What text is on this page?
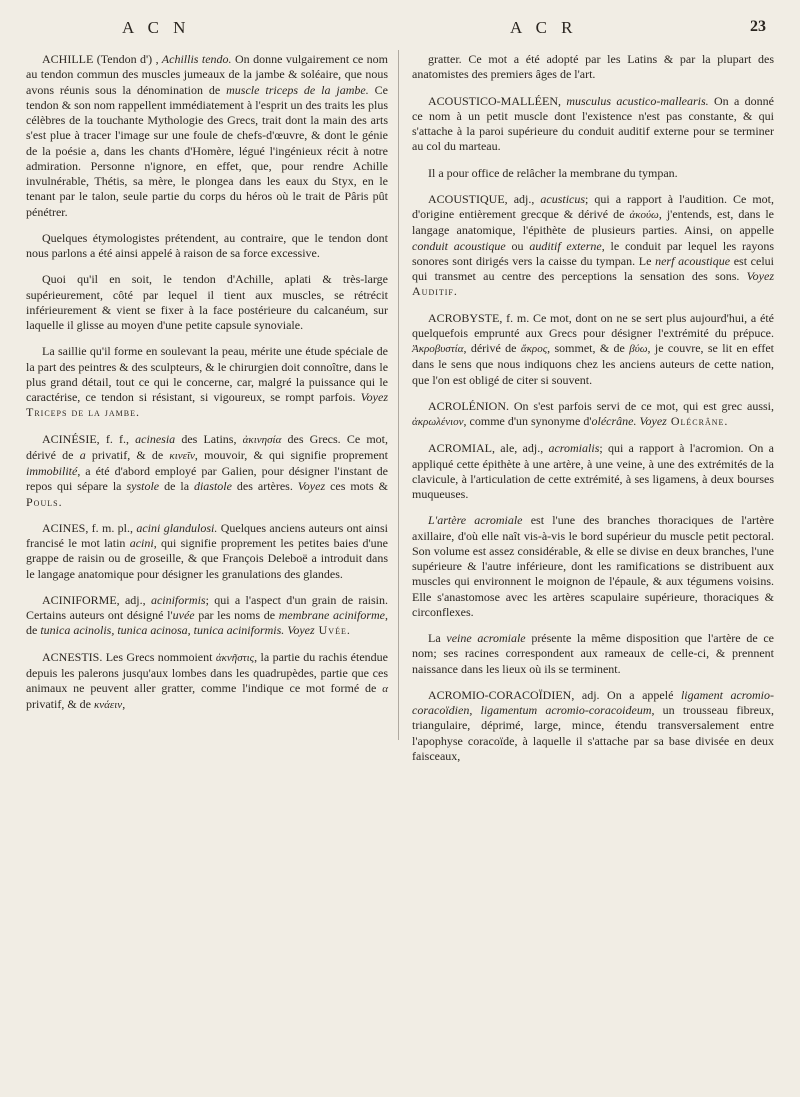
A C N	A C R	23

ACHILLE (Tendon d') , Achillis tendo. On donne vulgairement ce nom au tendon commun des muscles jumeaux de la jambe & soléaire, que nous avons réunis sous la dénomination de muscle triceps de la jambe. Ce tendon & son nom rappellent immédiatement à l'esprit un des traits les plus célèbres de la touchante Mythologie des Grecs, trait dont la main des arts s'est plue à tracer l'image sur une foule de chefs-d'œuvre, & dont le génie de la poésie a, dans les chants d'Homère, légué l'ingénieux récit à notre admiration. Personne n'ignore, en effet, que, pour rendre Achille invulnérable, Thétis, sa mère, le plongea dans les eaux du Styx, en le tenant par le talon, seule partie du corps du héros où le trait de Pâris pût pénétrer.

Quelques étymologistes prétendent, au contraire, que le tendon dont nous parlons a été ainsi appelé à raison de sa force excessive.

Quoi qu'il en soit, le tendon d'Achille, aplati & très-large supérieurement, côté par lequel il tient aux muscles, se rétrécit inférieurement & vient se fixer à la face postérieure du calcanéum, sur laquelle il glisse au moyen d'une petite capsule synoviale.

La saillie qu'il forme en soulevant la peau, mérite une étude spéciale de la part des peintres & des sculpteurs, & le chirurgien doit connoître, dans le plus grand détail, tout ce qui le concerne, car, malgré la puissance qui le caractérise, ce tendon si résistant, si vigoureux, se rompt parfois. Voyez Triceps de la jambe.

ACINÉSIE, f. f., acinesia des Latins, ἀκινησία des Grecs. Ce mot, dérivé de a privatif, & de κινεῖν, mouvoir, & qui signifie proprement immobilité, a été d'abord employé par Galien, pour désigner l'instant de repos qui sépare la systole de la diastole des artères. Voyez ces mots & Pouls.

ACINES, f. m. pl., acini glandulosi. Quelques anciens auteurs ont ainsi francisé le mot latin acini, qui signifie proprement les petites baies d'une grappe de raisin ou de groseille, & que François Deleboë a introduit dans le langage anatomique pour désigner les granulations des glandes.

ACINIFORME, adj., aciniformis; qui a l'aspect d'un grain de raisin. Certains auteurs ont désigné l'uvée par les noms de membrane aciniforme, de tunica acinolis, tunica acinosa, tunica aciniformis. Voyez Uvée.

ACNESTIS. Les Grecs nommoient ἀκνῆστις, la partie du rachis étendue depuis les palerons jusqu'aux lombes dans les quadrupèdes, partie que ces animaux ne peuvent aller gratter, comme l'indique ce mot formé de α privatif, & de κνάειν,

gratter. Ce mot a été adopté par les Latins & par la plupart des anatomistes des premiers âges de l'art.

ACOUSTICO-MALLÉEN, musculus acustico-mallearis. On a donné ce nom à un petit muscle dont l'existence n'est pas constante, & qui s'attache à la paroi supérieure du conduit auditif externe pour se terminer au col du marteau.

Il a pour office de relâcher la membrane du tympan.

ACOUSTIQUE, adj., acusticus; qui a rapport à l'audition. Ce mot, d'origine entièrement grecque & dérivé de ἀκούω, j'entends, est, dans le langage anatomique, l'épithète de plusieurs parties. Ainsi, on appelle conduit acoustique ou auditif externe, le conduit par lequel les rayons sonores sont dirigés vers la caisse du tympan. Le nerf acoustique est celui qui transmet au centre des perceptions la sensation des sons. Voyez Auditif.

ACROBYSTE, f. m. Ce mot, dont on ne se sert plus aujourd'hui, a été quelquefois emprunté aux Grecs pour désigner l'extrémité du prépuce. Ἀκροβυστία, dérivé de ἄκρος, sommet, & de βύω, je couvre, se lit en effet dans le sens que nous indiquons chez les anciens auteurs de cette nation, que l'on est obligé de citer si souvent.

ACROLÉNION. On s'est parfois servi de ce mot, qui est grec aussi, ἀκρωλένιον, comme d'un synonyme d'olécrâne. Voyez Olécrâne.

ACROMIAL, ale, adj., acromialis; qui a rapport à l'acromion. On a appliqué cette épithète à une artère, à une veine, à une des extrémités de la clavicule, à l'articulation de cette extrémité, à ses ligamens, à deux bourses muqueuses.

L'artère acromiale est l'une des branches thoraciques de l'artère axillaire, d'où elle naît vis-à-vis le bord supérieur du muscle petit pectoral. Son volume est assez considérable, & elle se divise en deux branches, l'une supérieure & l'autre inférieure, dont les ramifications se distribuent aux muscles qui environnent le moignon de l'épaule, & aux tégumens voisins. Elle s'anastomose avec les artères scapulaire supérieure, thoraciques & circonflexes.

La veine acromiale présente la même disposition que l'artère de ce nom; ses racines correspondent aux rameaux de celle-ci, & prennent naissance dans les lieux où ils se terminent.

ACROMIO-CORACOÏDIEN, adj. On a appelé ligament acromio-coracoïdien, ligamentum acromio-coracoideum, un trousseau fibreux, triangulaire, déprimé, large, mince, étendu transversalement entre l'apophyse coracoïde, à laquelle il s'attache par sa base divisée en deux faisceaux,
